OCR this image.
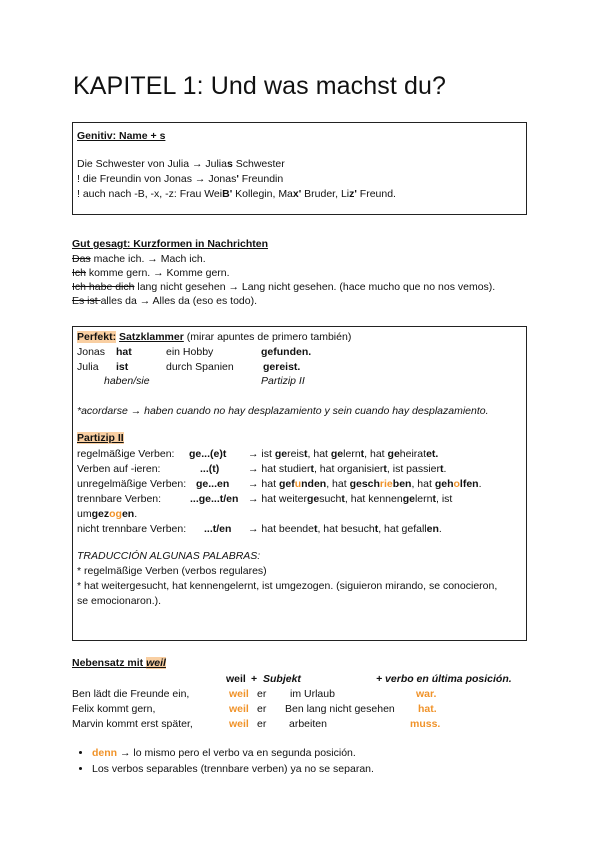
KAPITEL 1: Und was machst du?
Genitiv: Name + s
Die Schwester von Julia → Julias Schwester
! die Freundin von Jonas → Jonas' Freundin
! auch nach -B, -x, -z: Frau WeiB' Kollegin, Max' Bruder, Liz' Freund.
Gut gesagt: Kurzformen in Nachrichten
Das mache ich. → Mach ich.
Ich komme gern. → Komme gern.
Ich habe dich lang nicht gesehen → Lang nicht gesehen. (hace mucho que no nos vemos).
Es ist alles da → Alles da (eso es todo).
Perfekt: Satzklammer (mirar apuntes de primero también)
Jonas hat	ein Hobby	gefunden.
Julia ist	durch Spanien	gereist.
haben/sie	Partizip II
*acordarse → haben cuando no hay desplazamiento y sein cuando hay desplazamiento.
Partizip II
regelmäßige Verben: ge...(e)t → ist gereist, hat gelernt, hat geheiratet.
Verben auf -ieren:	...(t)	→ hat studiert, hat organisiert, ist passiert.
unregelmäßige Verben: ge...en → hat gefunden, hat geschrieben, hat geholfen.
trennbare Verben:	...ge...t/en → hat weitergesucht, hat kennengelernt, ist
umgezogen.
nicht trennbare Verben: ...t/en → hat beendet, hat besucht, hat gefallen.
TRADUCCIÓN ALGUNAS PALABRAS:
* regelmäßige Verben (verbos regulares)
* hat weitergesucht, hat kennengelernt, ist umgezogen. (siguieron mirando, se conocieron,
se emocionaron.).
Nebensatz mit weil
weil + Subjekt	+ verbo en última posición.
Ben lädt die Freunde ein,	weil er im Urlaub	war.
Felix kommt gern,	weil er Ben lang nicht gesehen hat.
Marvin kommt erst später,	weil er arbeiten	muss.
• denn → lo mismo pero el verbo va en segunda posición.
• Los verbos separables (trennbare verben) ya no se separan.
